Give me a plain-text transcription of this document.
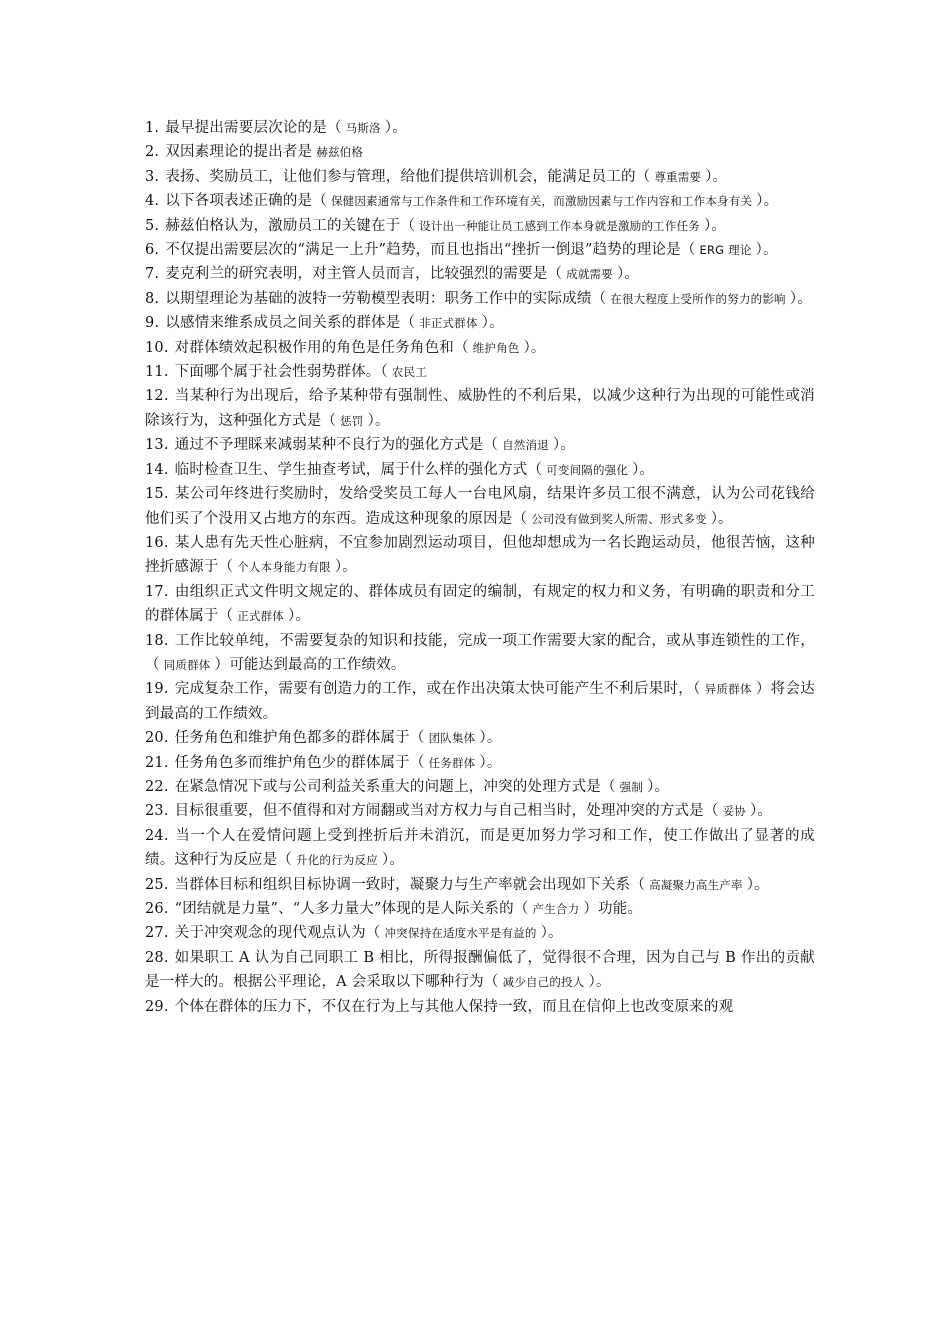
1. 最早提出需要层次论的是（ 马斯洛 ）。

2. 双因素理论的提出者是 赫兹伯格

3. 表扬、奖励员工，让他们参与管理，给他们提供培训机会，能满足员工的（ 尊重需要 ）。

4. 以下各项表述正确的是（ 保健因素通常与工作条件和工作环境有关，而激励因素与工作内容和工作本身有关 ）。

5. 赫兹伯格认为，激励员工的关键在于（ 设计出一种能让员工感到工作本身就是激励的工作任务 ）。

6. 不仅提出需要层次的“满足一上升”趋势，而且也指出“挫折一倒退”趋势的理论是（ ERG 理论 ）。

7. 麦克利兰的研究表明，对主管人员而言，比较强烈的需要是（ 成就需要 ）。

8. 以期望理论为基础的波特一劳勒模型表明：职务工作中的实际成绩（ 在很大程度上受所作的努力的影响 ）。

9. 以感情来维系成员之间关系的群体是（ 非正式群体 ）。

10. 对群体绩效起积极作用的角色是任务角色和（ 维护角色 ）。

11. 下面哪个属于社会性弱势群体。（ 农民工

12. 当某种行为出现后，给予某种带有强制性、威胁性的不利后果，以减少这种行为出现的可能性或消除该行为，这种强化方式是（ 惩罚 ）。

13. 通过不予理睬来减弱某种不良行为的强化方式是（ 自然消退 ）。

14. 临时检查卫生、学生抽查考试，属于什么样的强化方式（ 可变间隔的强化 ）。

15. 某公司年终进行奖励时，发给受奖员工每人一台电风扇，结果许多员工很不满意，认为公司花钱给他们买了个没用又占地方的东西。造成这种现象的原因是（ 公司没有做到奖人所需、形式多变 ）。

16. 某人患有先天性心脏病，不宜参加剧烈运动项目，但他却想成为一名长跑运动员，他很苦恼，这种挫折感源于（ 个人本身能力有限 ）。

17. 由组织正式文件明文规定的、群体成员有固定的编制，有规定的权力和义务，有明确的职责和分工的群体属于（ 正式群体 ）。

18. 工作比较单纯，不需要复杂的知识和技能，完成一项工作需要大家的配合，或从事连锁性的工作，（ 同质群体 ）可能达到最高的工作绩效。

19. 完成复杂工作，需要有创造力的工作，或在作出决策太快可能产生不利后果时，（ 异质群体 ）将会达到最高的工作绩效。

20. 任务角色和维护角色都多的群体属于（ 团队集体 ）。

21. 任务角色多而维护角色少的群体属于（ 任务群体 ）。

22. 在紧急情况下或与公司利益关系重大的问题上，冲突的处理方式是（ 强制 ）。

23. 目标很重要，但不值得和对方闹翻或当对方权力与自己相当时，处理冲突的方式是（ 妥协 ）。

24. 当一个人在爱情问题上受到挫折后并未消沉，而是更加努力学习和工作，使工作做出了显著的成绩。这种行为反应是（ 升化的行为反应 ）。

25. 当群体目标和组织目标协调一致时，凝聚力与生产率就会出现如下关系（ 高凝聚力高生产率 ）。

26. “团结就是力量”、“人多力量大”体现的是人际关系的（ 产生合力 ）功能。

27. 关于冲突观念的现代观点认为（ 冲突保持在适度水平是有益的 ）。

28. 如果职工 A 认为自己同职工 B 相比，所得报酬偏低了，觉得很不合理，因为自己与 B 作出的贡献是一样大的。根据公平理论，A 会采取以下哪种行为（ 减少自己的投人 ）。

29. 个体在群体的压力下，不仅在行为上与其他人保持一致，而且在信仰上也改变原来的观
